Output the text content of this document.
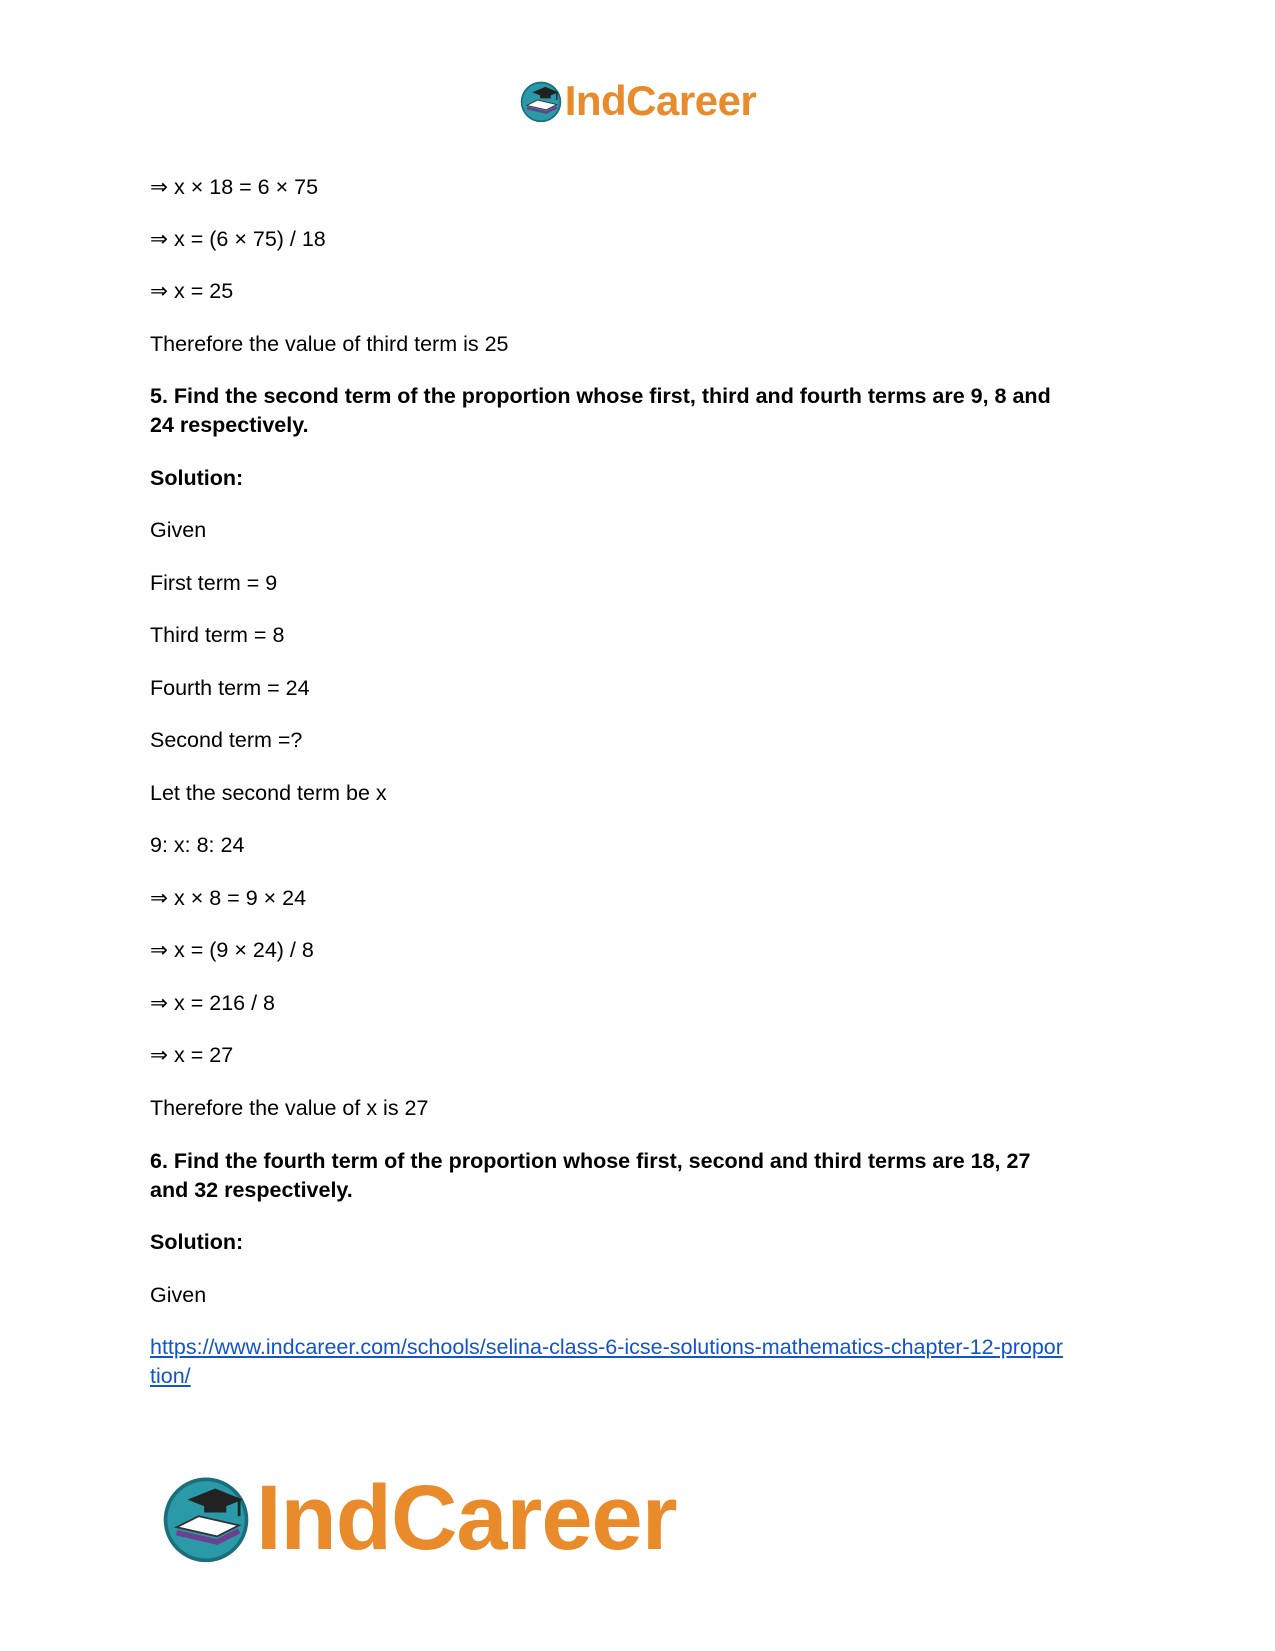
IndCareer

⇒ x × 18 = 6 × 75

⇒ x = (6 × 75) / 18

⇒ x = 25

Therefore the value of third term is 25

5. Find the second term of the proportion whose first, third and fourth terms are 9, 8 and

24 respectively.

Solution:

Given

First term = 9

Third term = 8

Fourth term = 24

Second term =?

Let the second term be x

9: x: 8: 24

⇒ x × 8 = 9 × 24

⇒ x = (9 × 24) / 8

⇒ x = 216 / 8

⇒ x = 27

Therefore the value of x is 27

6. Find the fourth term of the proportion whose first, second and third terms are 18, 27

and 32 respectively.

Solution:

Given

https://www.indcareer.com/schools/selina-class-6-icse-solutions-mathematics-chapter-12-propor

tion/

IndCareer
